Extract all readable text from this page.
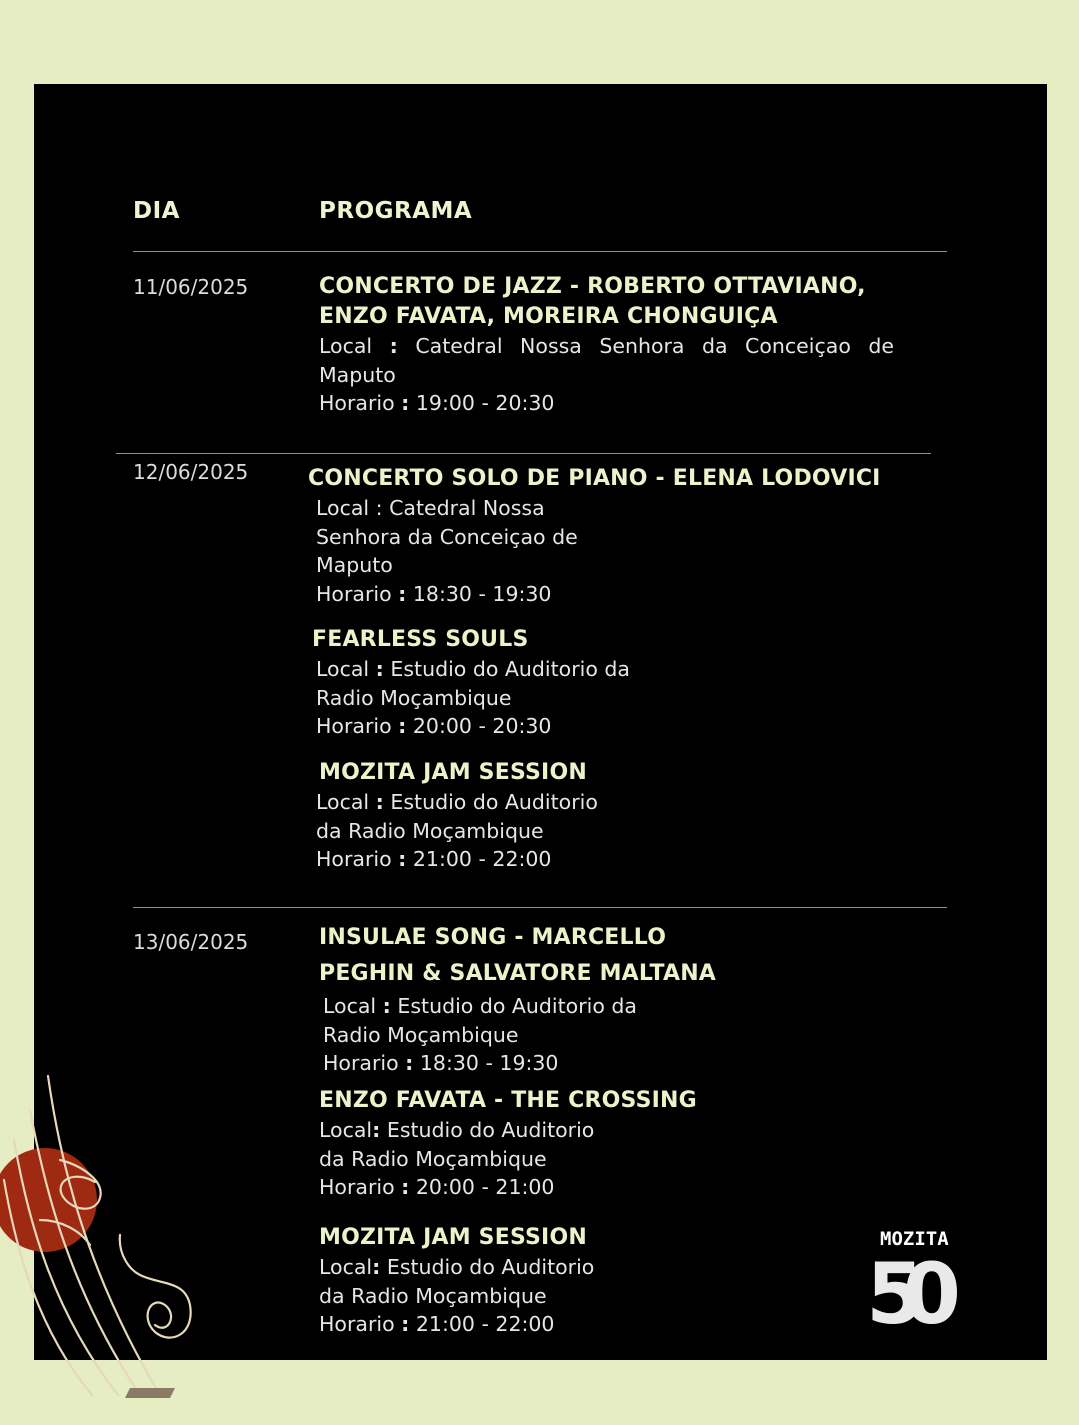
DIA	PROGRAMA
11/06/2025	CONCERTO DE JAZZ - ROBERTO OTTAVIANO, ENZO FAVATA, MOREIRA CHONGUIÇA
Local : Catedral Nossa Senhora da Conceiçao de Maputo
Horario : 19:00 - 20:30
12/06/2025	CONCERTO SOLO DE PIANO - ELENA LODOVICI
Local : Catedral Nossa Senhora da Conceiçao de Maputo
Horario : 18:30 - 19:30
FEARLESS SOULS
Local : Estudio do Auditorio da Radio Moçambique
Horario : 20:00 - 20:30
MOZITA JAM SESSION
Local : Estudio do Auditorio da Radio Moçambique
Horario : 21:00 - 22:00
13/06/2025	INSULAE SONG - MARCELLO PEGHIN & SALVATORE MALTANA
Local : Estudio do Auditorio da Radio Moçambique
Horario : 18:30 - 19:30
ENZO FAVATA - THE CROSSING
Local: Estudio do Auditorio da Radio Moçambique
Horario : 20:00 - 21:00
MOZITA JAM SESSION
Local: Estudio do Auditorio da Radio Moçambique
Horario : 21:00 - 22:00
MOZITA
50
